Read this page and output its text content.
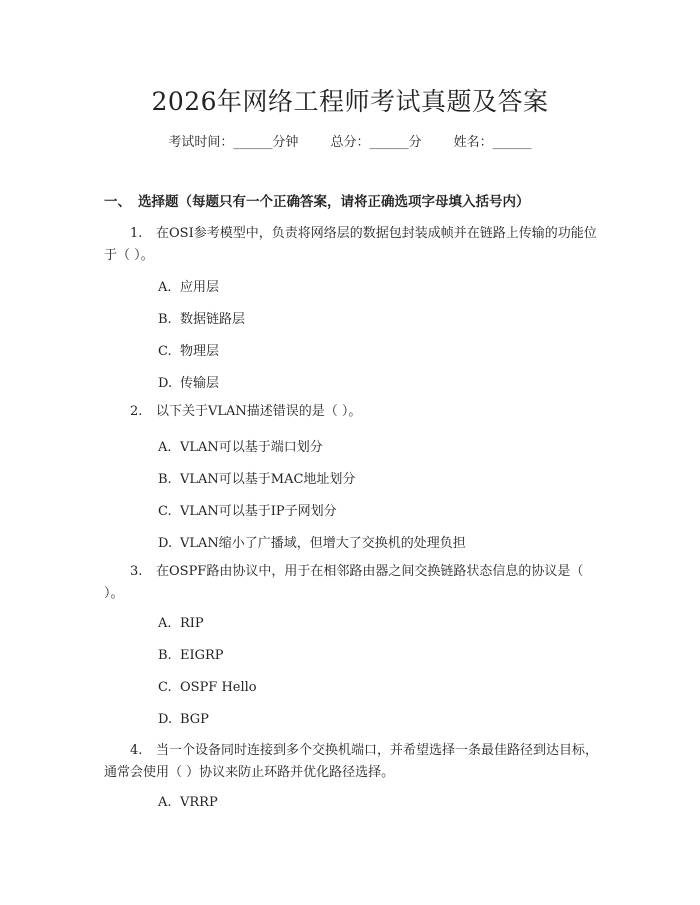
2026年网络工程师考试真题及答案
考试时间：______分钟 总分：______分 姓名：______
一、 选择题（每题只有一个正确答案，请将正确选项字母填入括号内）
1. 在OSI参考模型中，负责将网络层的数据包封装成帧并在链路上传输的功能位于（ ）。
A. 应用层
B. 数据链路层
C. 物理层
D. 传输层
2. 以下关于VLAN描述错误的是（ ）。
A. VLAN可以基于端口划分
B. VLAN可以基于MAC地址划分
C. VLAN可以基于IP子网划分
D. VLAN缩小了广播域，但增大了交换机的处理负担
3. 在OSPF路由协议中，用于在相邻路由器之间交换链路状态信息的协议是（ ）。
A. RIP
B. EIGRP
C. OSPF Hello
D. BGP
4. 当一个设备同时连接到多个交换机端口，并希望选择一条最佳路径到达目标，通常会使用（ ）协议来防止环路并优化路径选择。
A. VRRP
